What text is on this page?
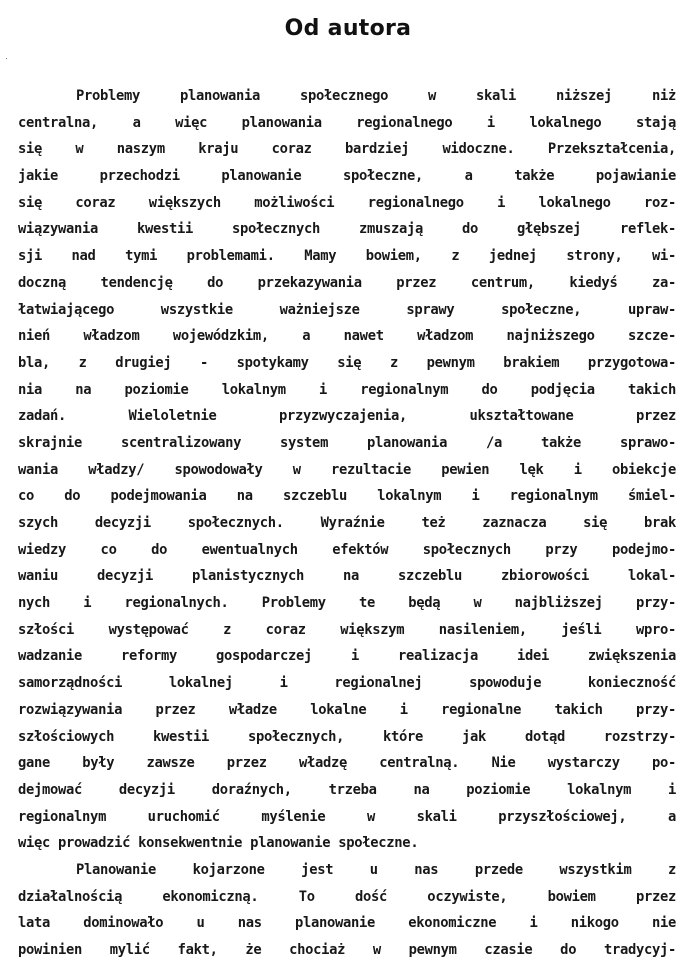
Od autora
Problemy planowania społecznego w skali niższej niż
centralna, a więc planowania regionalnego i lokalnego stają
się w naszym kraju coraz bardziej widoczne. Przekształcenia,
jakie przechodzi planowanie społeczne, a także pojawianie
się coraz większych możliwości regionalnego i lokalnego roz-
wiązywania kwestii społecznych zmuszają do głębszej reflek-
sji nad tymi problemami. Mamy bowiem, z jednej strony, wi-
doczną tendencję do przekazywania przez centrum, kiedyś za-
łatwiającego wszystkie ważniejsze sprawy społeczne, upraw-
nień władzom wojewódzkim, a nawet władzom najniższego szcze-
bla, z drugiej - spotykamy się z pewnym brakiem przygotowa-
nia na poziomie lokalnym i regionalnym do podjęcia takich
zadań. Wieloletnie przyzwyczajenia, ukształtowane przez
skrajnie scentralizowany system planowania /a także sprawo-
wania władzy/ spowodowały w rezultacie pewien lęk i obiekcje
co do podejmowania na szczeblu lokalnym i regionalnym śmiel-
szych decyzji społecznych. Wyraźnie też zaznacza się brak
wiedzy co do ewentualnych efektów społecznych przy podejmo-
waniu decyzji planistycznych na szczeblu zbiorowości lokal-
nych i regionalnych. Problemy te będą w najbliższej przy-
szłości występować z coraz większym nasileniem, jeśli wpro-
wadzanie reformy gospodarczej i realizacja idei zwiększenia
samorządności lokalnej i regionalnej spowoduje konieczność
rozwiązywania przez władze lokalne i regionalne takich przy-
szłościowych kwestii społecznych, które jak dotąd rozstrzy-
gane były zawsze przez władzę centralną. Nie wystarczy po-
dejmować decyzji doraźnych, trzeba na poziomie lokalnym i
regionalnym uruchomić myślenie w skali przyszłościowej, a
więc prowadzić konsekwentnie planowanie społeczne.
Planowanie kojarzone jest u nas przede wszystkim z
działalnością ekonomiczną. To dość oczywiste, bowiem przez
lata dominowało u nas planowanie ekonomiczne i nikogo nie
powinien mylić fakt, że chociaż w pewnym czasie do tradycyj-
